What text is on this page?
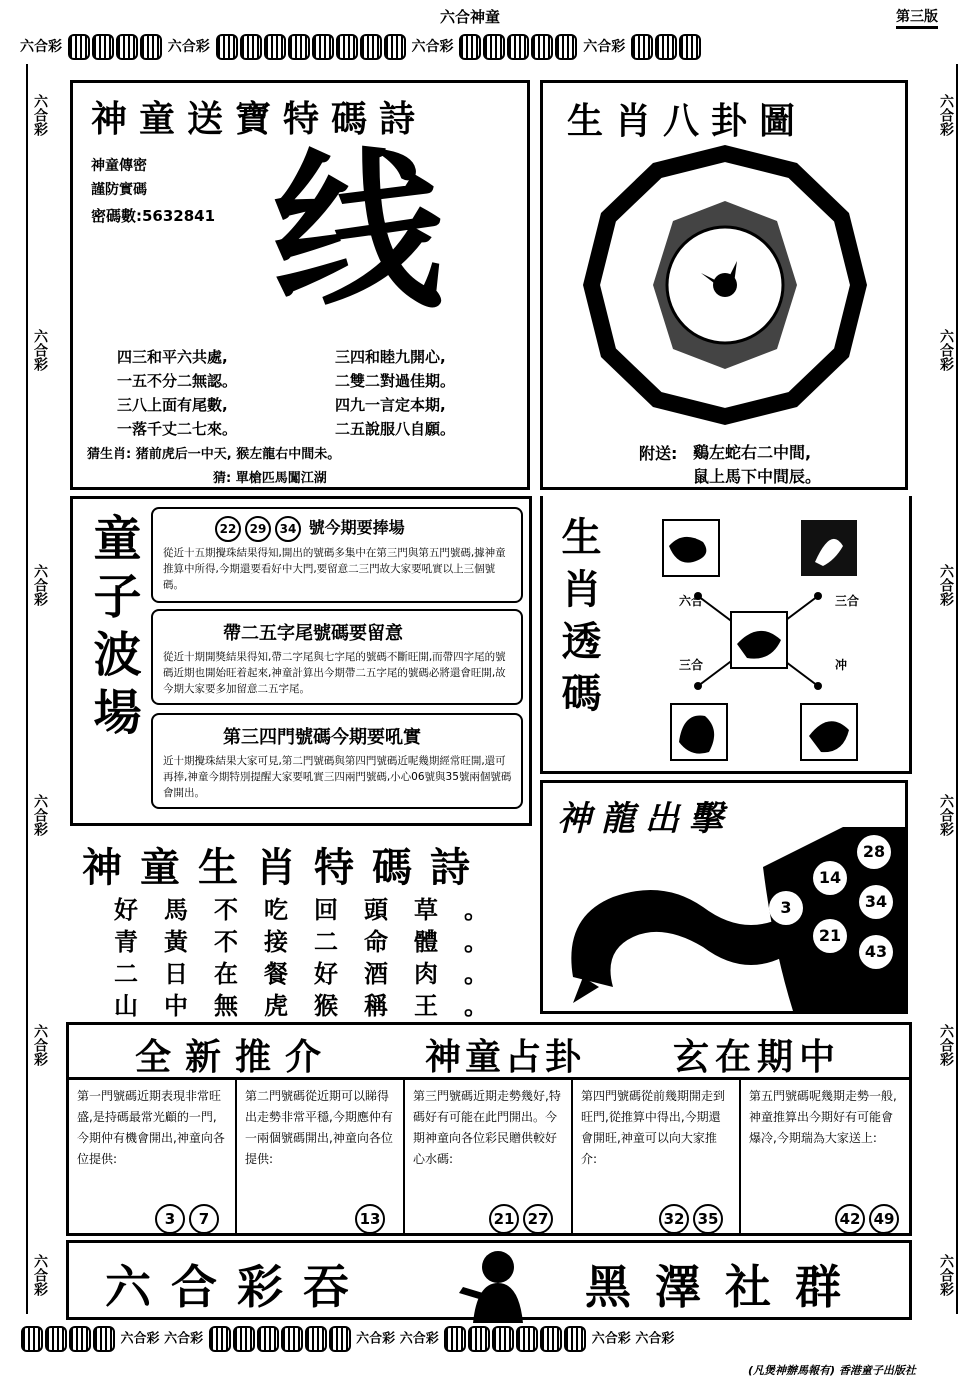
六合神童	第三版
六合彩	六合彩	六合彩	六合彩
六合彩
六合彩
六合彩
六合彩
六合彩
六合彩
六合彩
六合彩
六合彩
六合彩
六合彩
六合彩
神童送寶特碼詩
神童傳密
謹防實碼
密碼數:5632841 线
四三和平六共處,
一五不分二無認。
三八上面有尾數,
一落千丈二七來。
三四和睦九開心,
二雙二對過佳期。
四九一言定本期,
二五說服八自願。
猜生肖: 猪前虎后一中天, 猴左龍右中間未。
猜: 單槍匹馬闖江湖
生肖八卦圖
附送: 鷄左蛇右二中間,
鼠上馬下中間辰。
童子波場	22 29 34 號今期要捧場
從近十五期攪珠結果得知,開出的號碼多集中在第三門與第五門號碼,據神童推算中所得,今期還要看好中大門,要留意二三門故大家要吼實以上三個號碼。
帶二五字尾號碼要留意
從近十期開獎結果得知,帶二字尾與七字尾的號碼不斷旺開,而帶四字尾的號碼近期也開始旺着起來,神童計算出今期帶二五字尾的號碼必將還會旺開,故今期大家要多加留意二五字尾。
第三四門號碼今期要吼實
近十期攪珠結果大家可見,第二門號碼與第四門號碼近呢幾期經常旺開,還可再捧,神童今期特別提醒大家要吼實三四兩門號碼,小心06號與35號兩個號碼會開出。
生肖透碼	六合	三合
三合	冲
神童生肖特碼詩
好 馬 不 吃 回 頭 草 。
青 黃 不 接 二 命 體 。
二 日 在 餐 好 酒 肉 。
山 中 無 虎 猴 稱 王 。
神龍出擊
28
14
34
3
21
43
全新推介 神童占卦 玄在期中
第一門號碼近期表現非常旺盛,是持碼最常光顧的一門,今期仲有機會開出,神童向各位提供:
3 7
第二門號碼從近期可以睇得出走勢非常平穩,今期應仲有一兩個號碼開出,神童向各位提供:
13
第三門號碼近期走勢幾好,特碼好有可能在此門開出。今期神童向各位彩民贈供較好心水碼:
21 27
第四門號碼從前幾期開走到旺門,從推算中得出,今期還會開旺,神童可以向大家推介:
32 35
第五門號碼呢幾期走勢一般,神童推算出今期好有可能會爆冷,今期瑞為大家送上:
42 49
六合彩吞	黑澤社群
六合彩 六合彩	六合彩 六合彩	六合彩 六合彩
(凡煲神辦馬報有) 香港童子出版社
